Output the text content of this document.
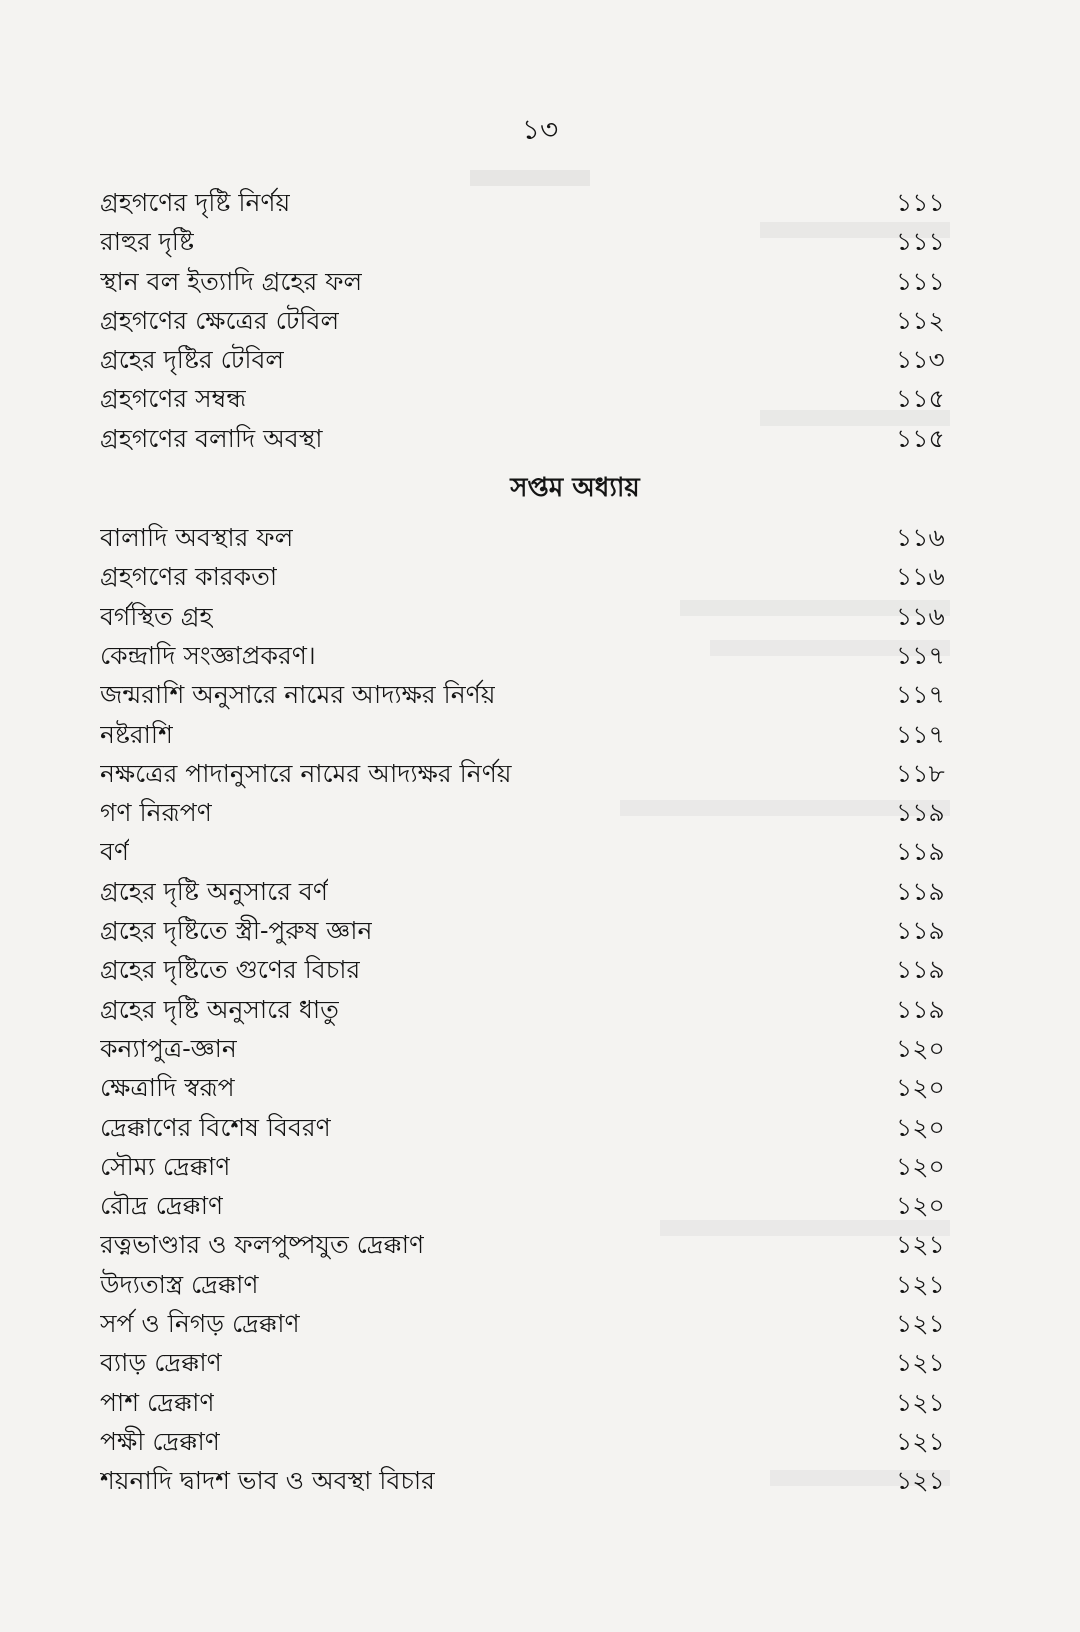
১৩
গ্রহগণের দৃষ্টি নির্ণয়	১১১
রাহুর দৃষ্টি	১১১
স্থান বল ইত্যাদি গ্রহের ফল	১১১
গ্রহগণের ক্ষেত্রের টেবিল	১১২
গ্রহের দৃষ্টির টেবিল	১১৩
গ্রহগণের সম্বন্ধ	১১৫
গ্রহগণের বলাদি অবস্থা	১১৫
সপ্তম অধ্যায়
বালাদি অবস্থার ফল	১১৬
গ্রহগণের কারকতা	১১৬
বর্গস্থিত গ্রহ	১১৬
কেন্দ্রাদি সংজ্ঞাপ্রকরণ।	১১৭
জন্মরাশি অনুসারে নামের আদ্যক্ষর নির্ণয়	১১৭
নষ্টরাশি	১১৭
নক্ষত্রের পাদানুসারে নামের আদ্যক্ষর নির্ণয়	১১৮
গণ নিরূপণ	১১৯
বর্ণ	১১৯
গ্রহের দৃষ্টি অনুসারে বর্ণ	১১৯
গ্রহের দৃষ্টিতে স্ত্রী-পুরুষ জ্ঞান	১১৯
গ্রহের দৃষ্টিতে গুণের বিচার	১১৯
গ্রহের দৃষ্টি অনুসারে ধাতু	১১৯
কন্যাপুত্র-জ্ঞান	১২০
ক্ষেত্রাদি স্বরূপ	১২০
দ্রেক্কাণের বিশেষ বিবরণ	১২০
সৌম্য দ্রেক্কাণ	১২০
রৌদ্র দ্রেক্কাণ	১২০
রত্নভাণ্ডার ও ফলপুষ্পযুত দ্রেক্কাণ	১২১
উদ্যতাস্ত্র দ্রেক্কাণ	১২১
সর্প ও নিগড় দ্রেক্কাণ	১২১
ব্যাড় দ্রেক্কাণ	১২১
পাশ দ্রেক্কাণ	১২১
পক্ষী দ্রেক্কাণ	১২১
শয়নাদি দ্বাদশ ভাব ও অবস্থা বিচার	১২১
